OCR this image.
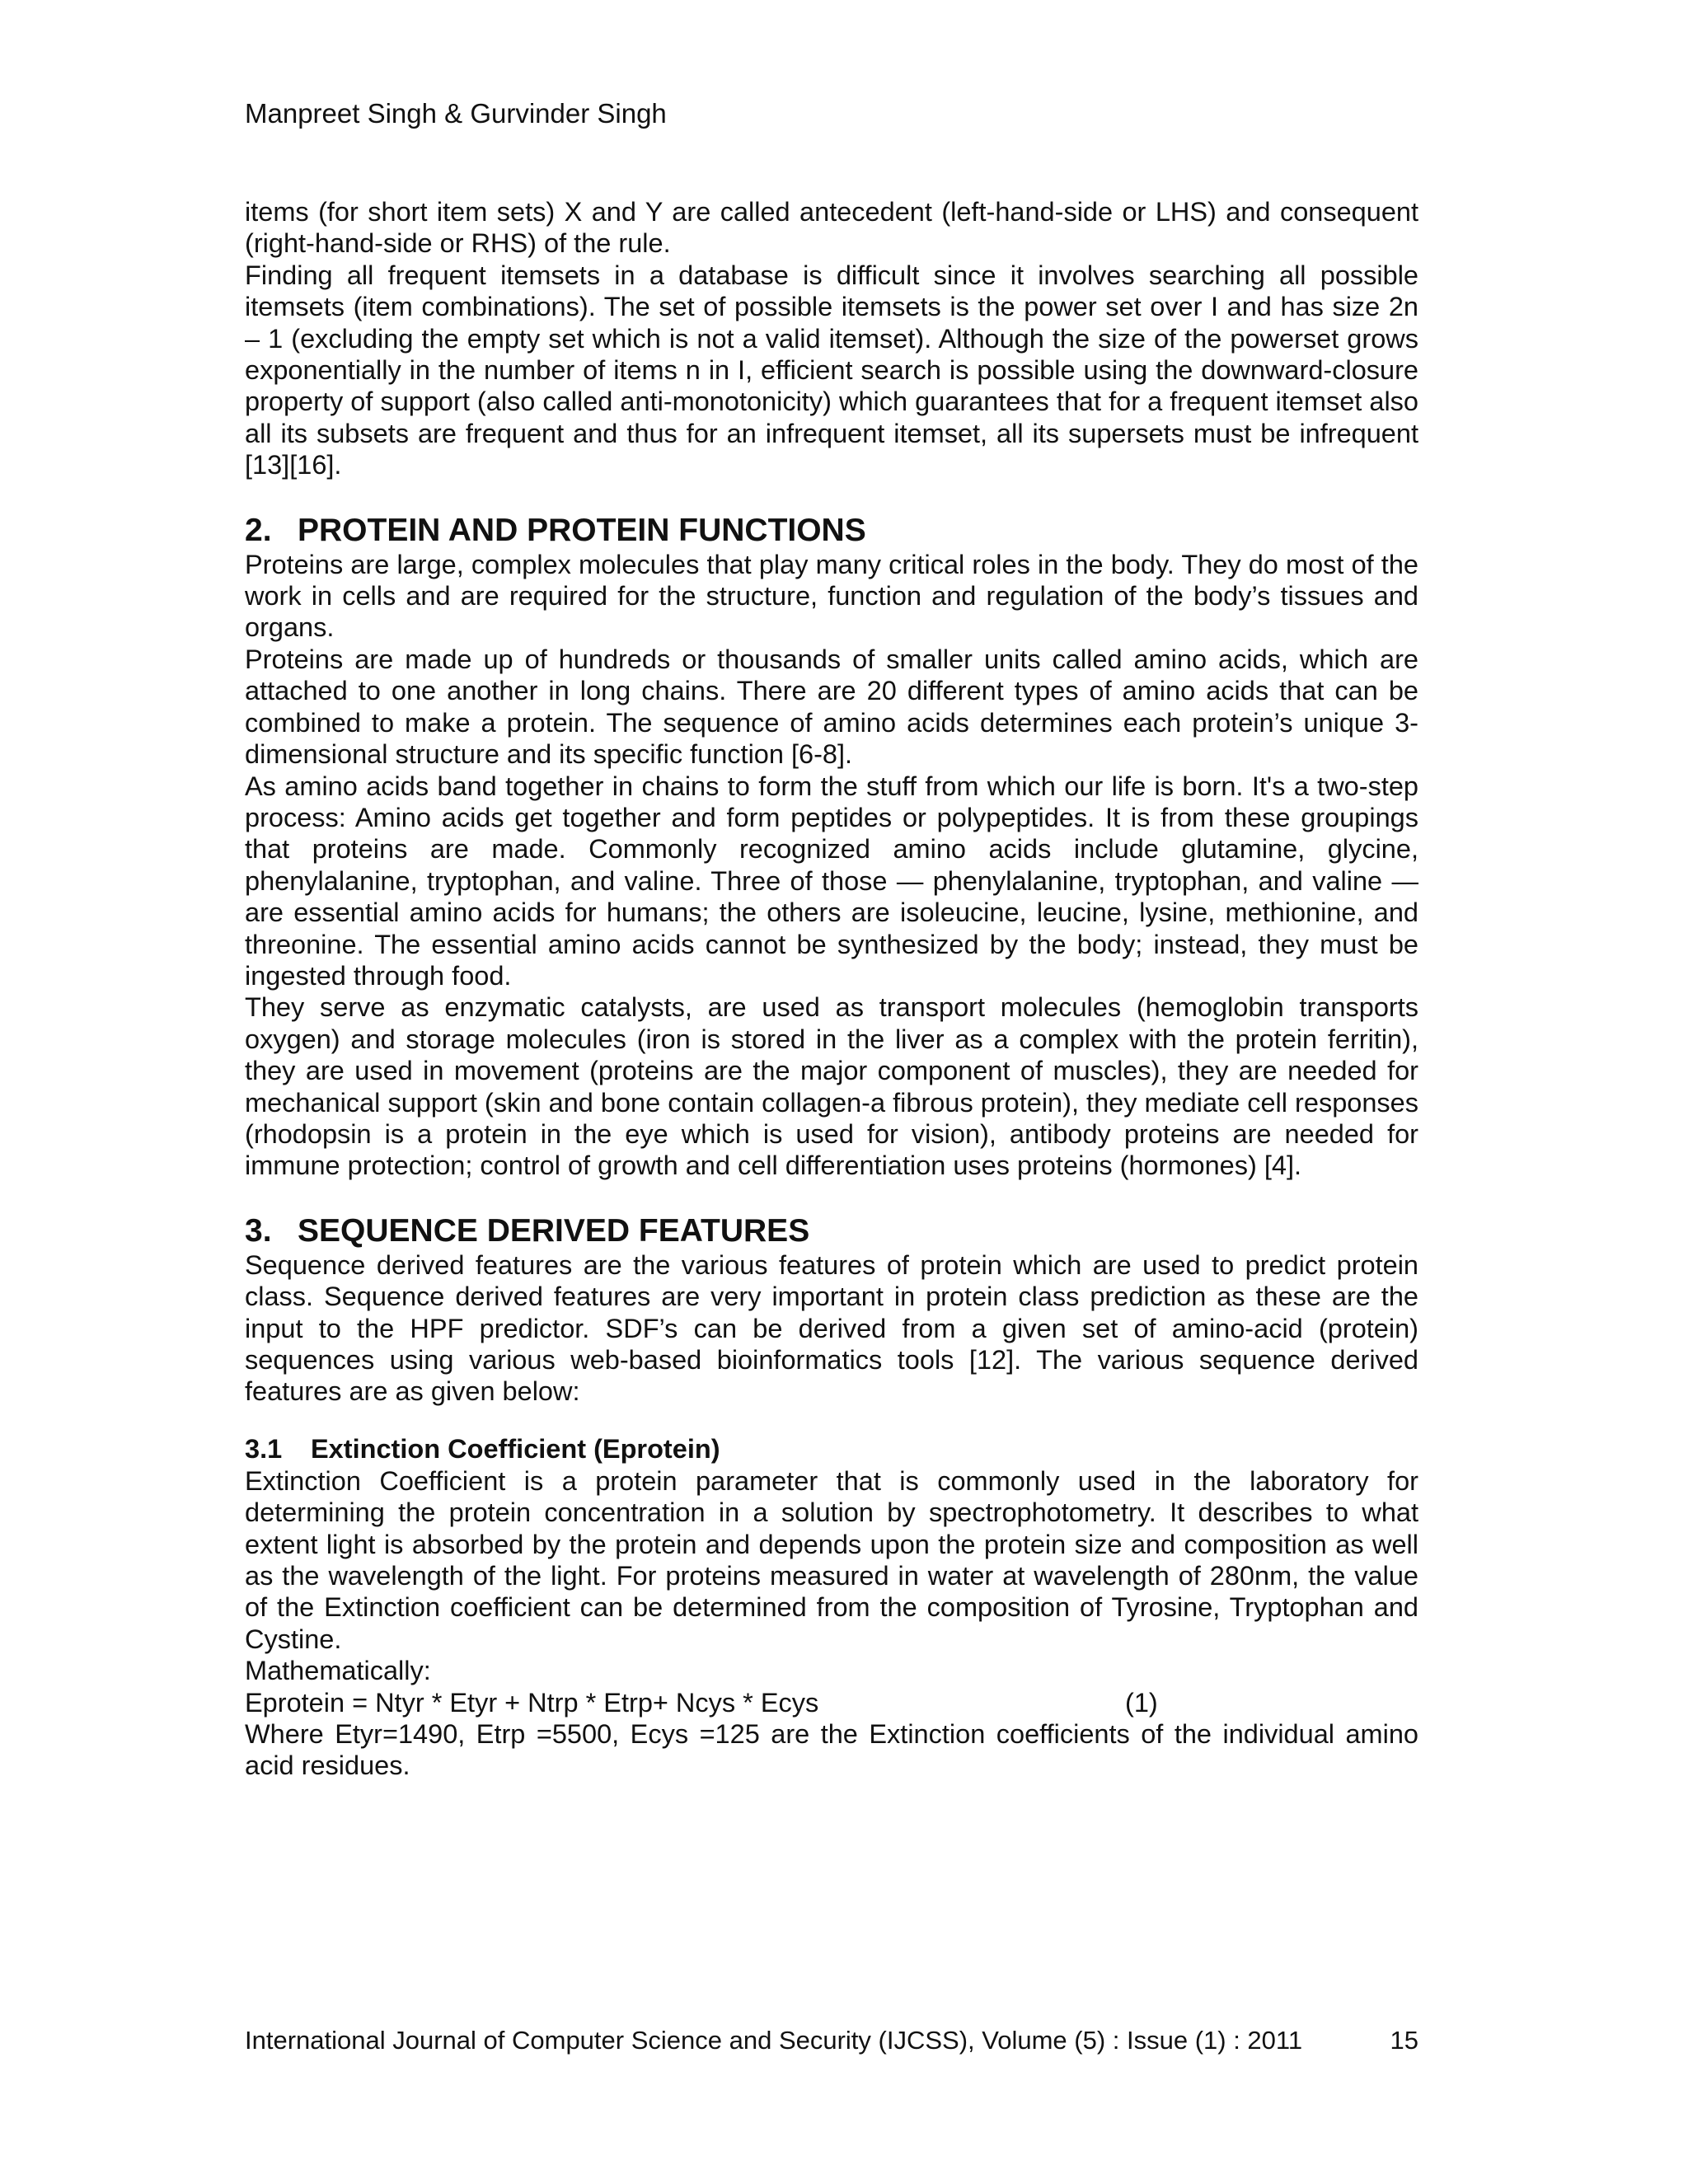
Manpreet Singh & Gurvinder Singh

items (for short item sets) X and Y are called antecedent (left-hand-side or LHS) and consequent (right-hand-side or RHS) of the rule.

Finding all frequent itemsets in a database is difficult since it involves searching all possible itemsets (item combinations). The set of possible itemsets is the power set over I and has size 2n – 1 (excluding the empty set which is not a valid itemset). Although the size of the powerset grows exponentially in the number of items n in I, efficient search is possible using the downward-closure property of support (also called anti-monotonicity) which guarantees that for a frequent itemset also all its subsets are frequent and thus for an infrequent itemset, all its supersets must be infrequent [13][16].

2. PROTEIN AND PROTEIN FUNCTIONS

Proteins are large, complex molecules that play many critical roles in the body. They do most of the work in cells and are required for the structure, function and regulation of the body’s tissues and organs.

Proteins are made up of hundreds or thousands of smaller units called amino acids, which are attached to one another in long chains. There are 20 different types of amino acids that can be combined to make a protein. The sequence of amino acids determines each protein’s unique 3-dimensional structure and its specific function [6-8].

As amino acids band together in chains to form the stuff from which our life is born. It's a two-step process: Amino acids get together and form peptides or polypeptides. It is from these groupings that proteins are made. Commonly recognized amino acids include glutamine, glycine, phenylalanine, tryptophan, and valine. Three of those — phenylalanine, tryptophan, and valine — are essential amino acids for humans; the others are isoleucine, leucine, lysine, methionine, and threonine. The essential amino acids cannot be synthesized by the body; instead, they must be ingested through food.

They serve as enzymatic catalysts, are used as transport molecules (hemoglobin transports oxygen) and storage molecules (iron is stored in the liver as a complex with the protein ferritin), they are used in movement (proteins are the major component of muscles), they are needed for mechanical support (skin and bone contain collagen-a fibrous protein), they mediate cell responses (rhodopsin is a protein in the eye which is used for vision), antibody proteins are needed for immune protection; control of growth and cell differentiation uses proteins (hormones) [4].

3. SEQUENCE DERIVED FEATURES

Sequence derived features are the various features of protein which are used to predict protein class. Sequence derived features are very important in protein class prediction as these are the input to the HPF predictor. SDF’s can be derived from a given set of amino-acid (protein) sequences using various web-based bioinformatics tools [12]. The various sequence derived features are as given below:

3.1	Extinction Coefficient (Eprotein)

Extinction Coefficient is a protein parameter that is commonly used in the laboratory for determining the protein concentration in a solution by spectrophotometry. It describes to what extent light is absorbed by the protein and depends upon the protein size and composition as well as the wavelength of the light. For proteins measured in water at wavelength of 280nm, the value of the Extinction coefficient can be determined from the composition of Tyrosine, Tryptophan and Cystine.

Mathematically:

Eprotein = Ntyr * Etyr + Ntrp * Etrp+ Ncys * Ecys	(1)

Where Etyr=1490, Etrp =5500, Ecys =125 are the Extinction coefficients of the individual amino acid residues.

International Journal of Computer Science and Security (IJCSS), Volume (5) : Issue (1) : 2011	15
